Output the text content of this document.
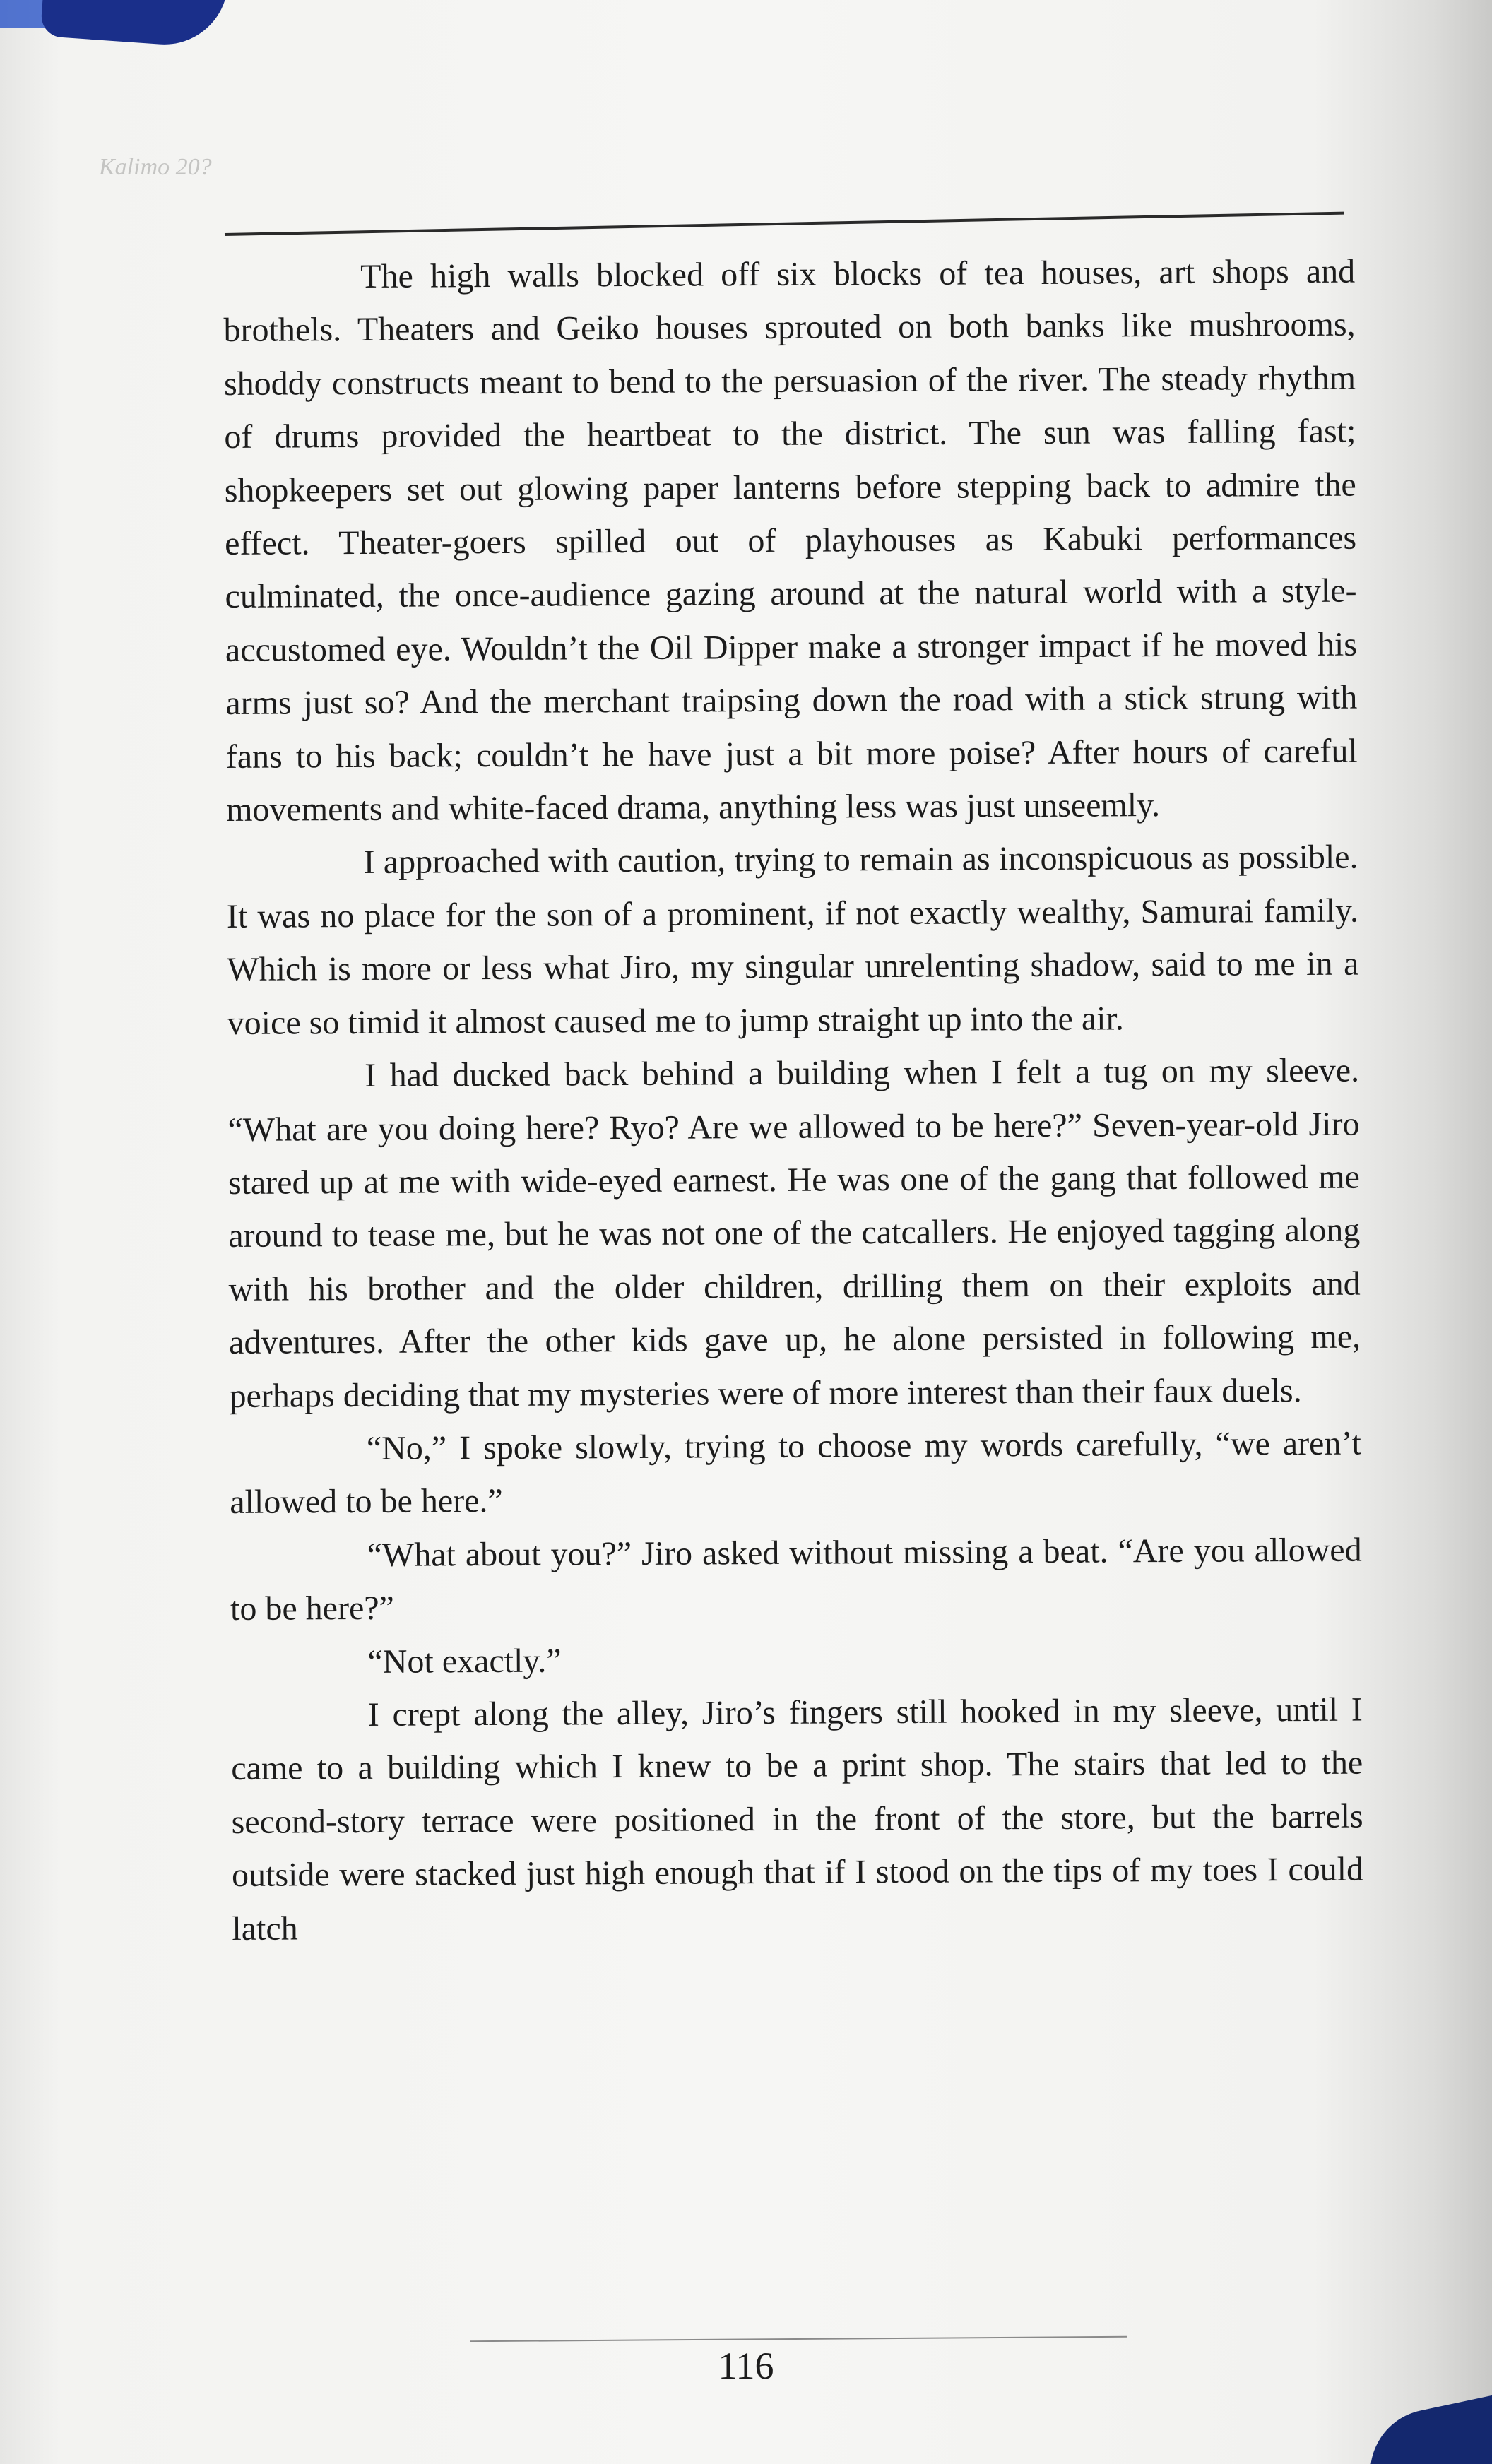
Kalimo 20?

The high walls blocked off six blocks of tea houses, art shops and brothels. Theaters and Geiko houses sprouted on both banks like mushrooms, shoddy constructs meant to bend to the persuasion of the river. The steady rhythm of drums provided the heartbeat to the district. The sun was falling fast; shopkeepers set out glowing paper lanterns before stepping back to admire the effect. Theater-goers spilled out of playhouses as Kabuki performances culminated, the once-audience gazing around at the natural world with a style-accustomed eye. Wouldn’t the Oil Dipper make a stronger impact if he moved his arms just so? And the merchant traipsing down the road with a stick strung with fans to his back; couldn’t he have just a bit more poise? After hours of careful movements and white-faced drama, anything less was just unseemly.

I approached with caution, trying to remain as inconspicuous as possible. It was no place for the son of a prominent, if not exactly wealthy, Samurai family. Which is more or less what Jiro, my singular unrelenting shadow, said to me in a voice so timid it almost caused me to jump straight up into the air.

I had ducked back behind a building when I felt a tug on my sleeve. “What are you doing here? Ryo? Are we allowed to be here?” Seven-year-old Jiro stared up at me with wide-eyed earnest. He was one of the gang that followed me around to tease me, but he was not one of the catcallers. He enjoyed tagging along with his brother and the older children, drilling them on their exploits and adventures. After the other kids gave up, he alone persisted in following me, perhaps deciding that my mysteries were of more interest than their faux duels.

“No,” I spoke slowly, trying to choose my words carefully, “we aren’t allowed to be here.”

“What about you?” Jiro asked without missing a beat. “Are you allowed to be here?”

“Not exactly.”

I crept along the alley, Jiro’s fingers still hooked in my sleeve, until I came to a building which I knew to be a print shop. The stairs that led to the second-story terrace were positioned in the front of the store, but the barrels outside were stacked just high enough that if I stood on the tips of my toes I could latch

116
